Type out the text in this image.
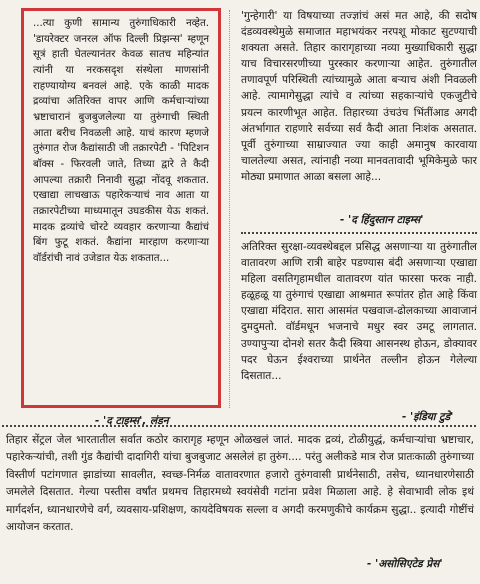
...त्या कुणी सामान्य तुरुंगाधिकारी नव्हेत. 'डायरेक्टर जनरल ऑफ दिल्ली प्रिझन्स' म्हणून सूत्रं हाती घेतल्यानंतर केवळ सातच महिन्यांत त्यांनी या नरकसदृश संस्थेला माणसांनी राहण्यायोग्य बनवलं आहे. एके काळी मादक द्रव्यांचा अतिरिक्त वापर आणि कर्मचाऱ्यांच्या भ्रष्टाचारानं बुजबुजलेल्या या तुरुंगाची स्थिती आता बरीच निवळली आहे. याचं कारण म्हणजे तुरुंगात रोज कैद्यांसाठी जी तक्रारपेटी - 'पिटिशन बॉक्स - फिरवली जाते, तिच्या द्वारे ते कैदी आपल्या तक्रारी निनावी सुद्धा नोंदवू शकतात. एखाद्या लाचखाऊ पहारेकऱ्याचं नाव आता या तक्रारपेटीच्या माध्यमातून उघडकीस येऊ शकतं. मादक द्रव्यांचे चोरटे व्यवहार करणाऱ्या कैद्यांचं बिंग फुटू शकतं. कैद्यांना मारहाण करणाऱ्या वॉर्डरांची नावं उजेडात येऊ शकतात...

- 'द टाइम्स', लंडन

'गुन्हेगारी' या विषयाच्या तज्ज्ञांचं असं मत आहे, की सदोष दंडव्यवस्थेमुळे समाजात महाभयंकर नरपशू मोकाट सुटण्याची शक्यता असते. तिहार कारागृहाच्या नव्या मुख्याधिकारी सुद्धा याच विचारसरणीच्या पुरस्कार करणाऱ्या आहेत. तुरुंगातील तणावपूर्ण परिस्थिती त्यांच्यामुळे आता बऱ्याच अंशी निवळली आहे. त्यामागेसुद्धा त्यांचे व त्यांच्या सहकाऱ्यांचे एकजुटीचे प्रयत्न कारणीभूत आहेत. तिहारच्या उंचउंच भिंतींआड अगदी अंतर्भागात राहणारे सर्वच्या सर्व कैदी आता निःशंक असतात. पूर्वी तुरुंगाच्या साम्राज्यात ज्या काही अमानुष कारवाया चालतेल्या असत, त्यांनाही नव्या मानवतावादी भूमिकेमुळे फार मोठ्या प्रमाणात आळा बसला आहे...

- 'द हिंदुस्तान टाइम्स'

अतिरिक्त सुरक्षा-व्यवस्थेबद्दल प्रसिद्ध असणाऱ्या या तुरुंगातील वातावरण आणि रात्री बाहेर पडण्यास बंदी असणाऱ्या एखाद्या महिला वसतिगृहामधील वातावरण यांत फारसा फरक नाही. हळूहळू या तुरुंगाचं एखाद्या आश्रमात रूपांतर होत आहे किंवा एखाद्या मंदिरात. सारा आसमंत पखवाज-ढोलकाच्या आवाजानं दुमदुमतो. वॉर्डमधून भजनाचे मधुर स्वर उमटू लागतात. उण्यापुऱ्या दोनशे सतर कैदी स्त्रिया आसनस्थ होऊन, डोक्यावर पदर घेऊन ईश्वराच्या प्रार्थनेत तल्लीन होऊन गेलेल्या दिसतात...

- 'इंडिया टुडे'

तिहार सेंट्रल जेल भारतातील सर्वात कठोर कारागृह म्हणून ओळखलं जातं. मादक द्रव्यं, टोळीयुद्धं, कर्मचाऱ्यांचा भ्रष्टाचार, पहारेकऱ्यांची, तशी गुंड कैद्यांची दादागिरी यांचा बुजबुजाट असलेलं हा तुरुंग.... परंतु अलीकडे मात्र रोज प्रातःकाळी तुरुंगाच्या विस्तीर्ण पटांगणात झाडांच्या सावलीत, स्वच्छ-निर्मळ वातावरणात हजारो तुरुंगवासी प्रार्थनेसाठी, तसेच, ध्यानधारणेसाठी जमलेले दिसतात. गेल्या पस्तीस वर्षांत प्रथमच तिहारमध्ये स्वयंसेवी गटांना प्रवेश मिळाला आहे. हे सेवाभावी लोक इथं मार्गदर्शन, ध्यानधारणेचे वर्ग, व्यवसाय-प्रशिक्षण, कायदेविषयक सल्ला व अगदी करमणुकीचे कार्यक्रम सुद्धा.. इत्यादी गोष्टींचं आयोजन करतात.

- 'असोसिएटेड प्रेस'
